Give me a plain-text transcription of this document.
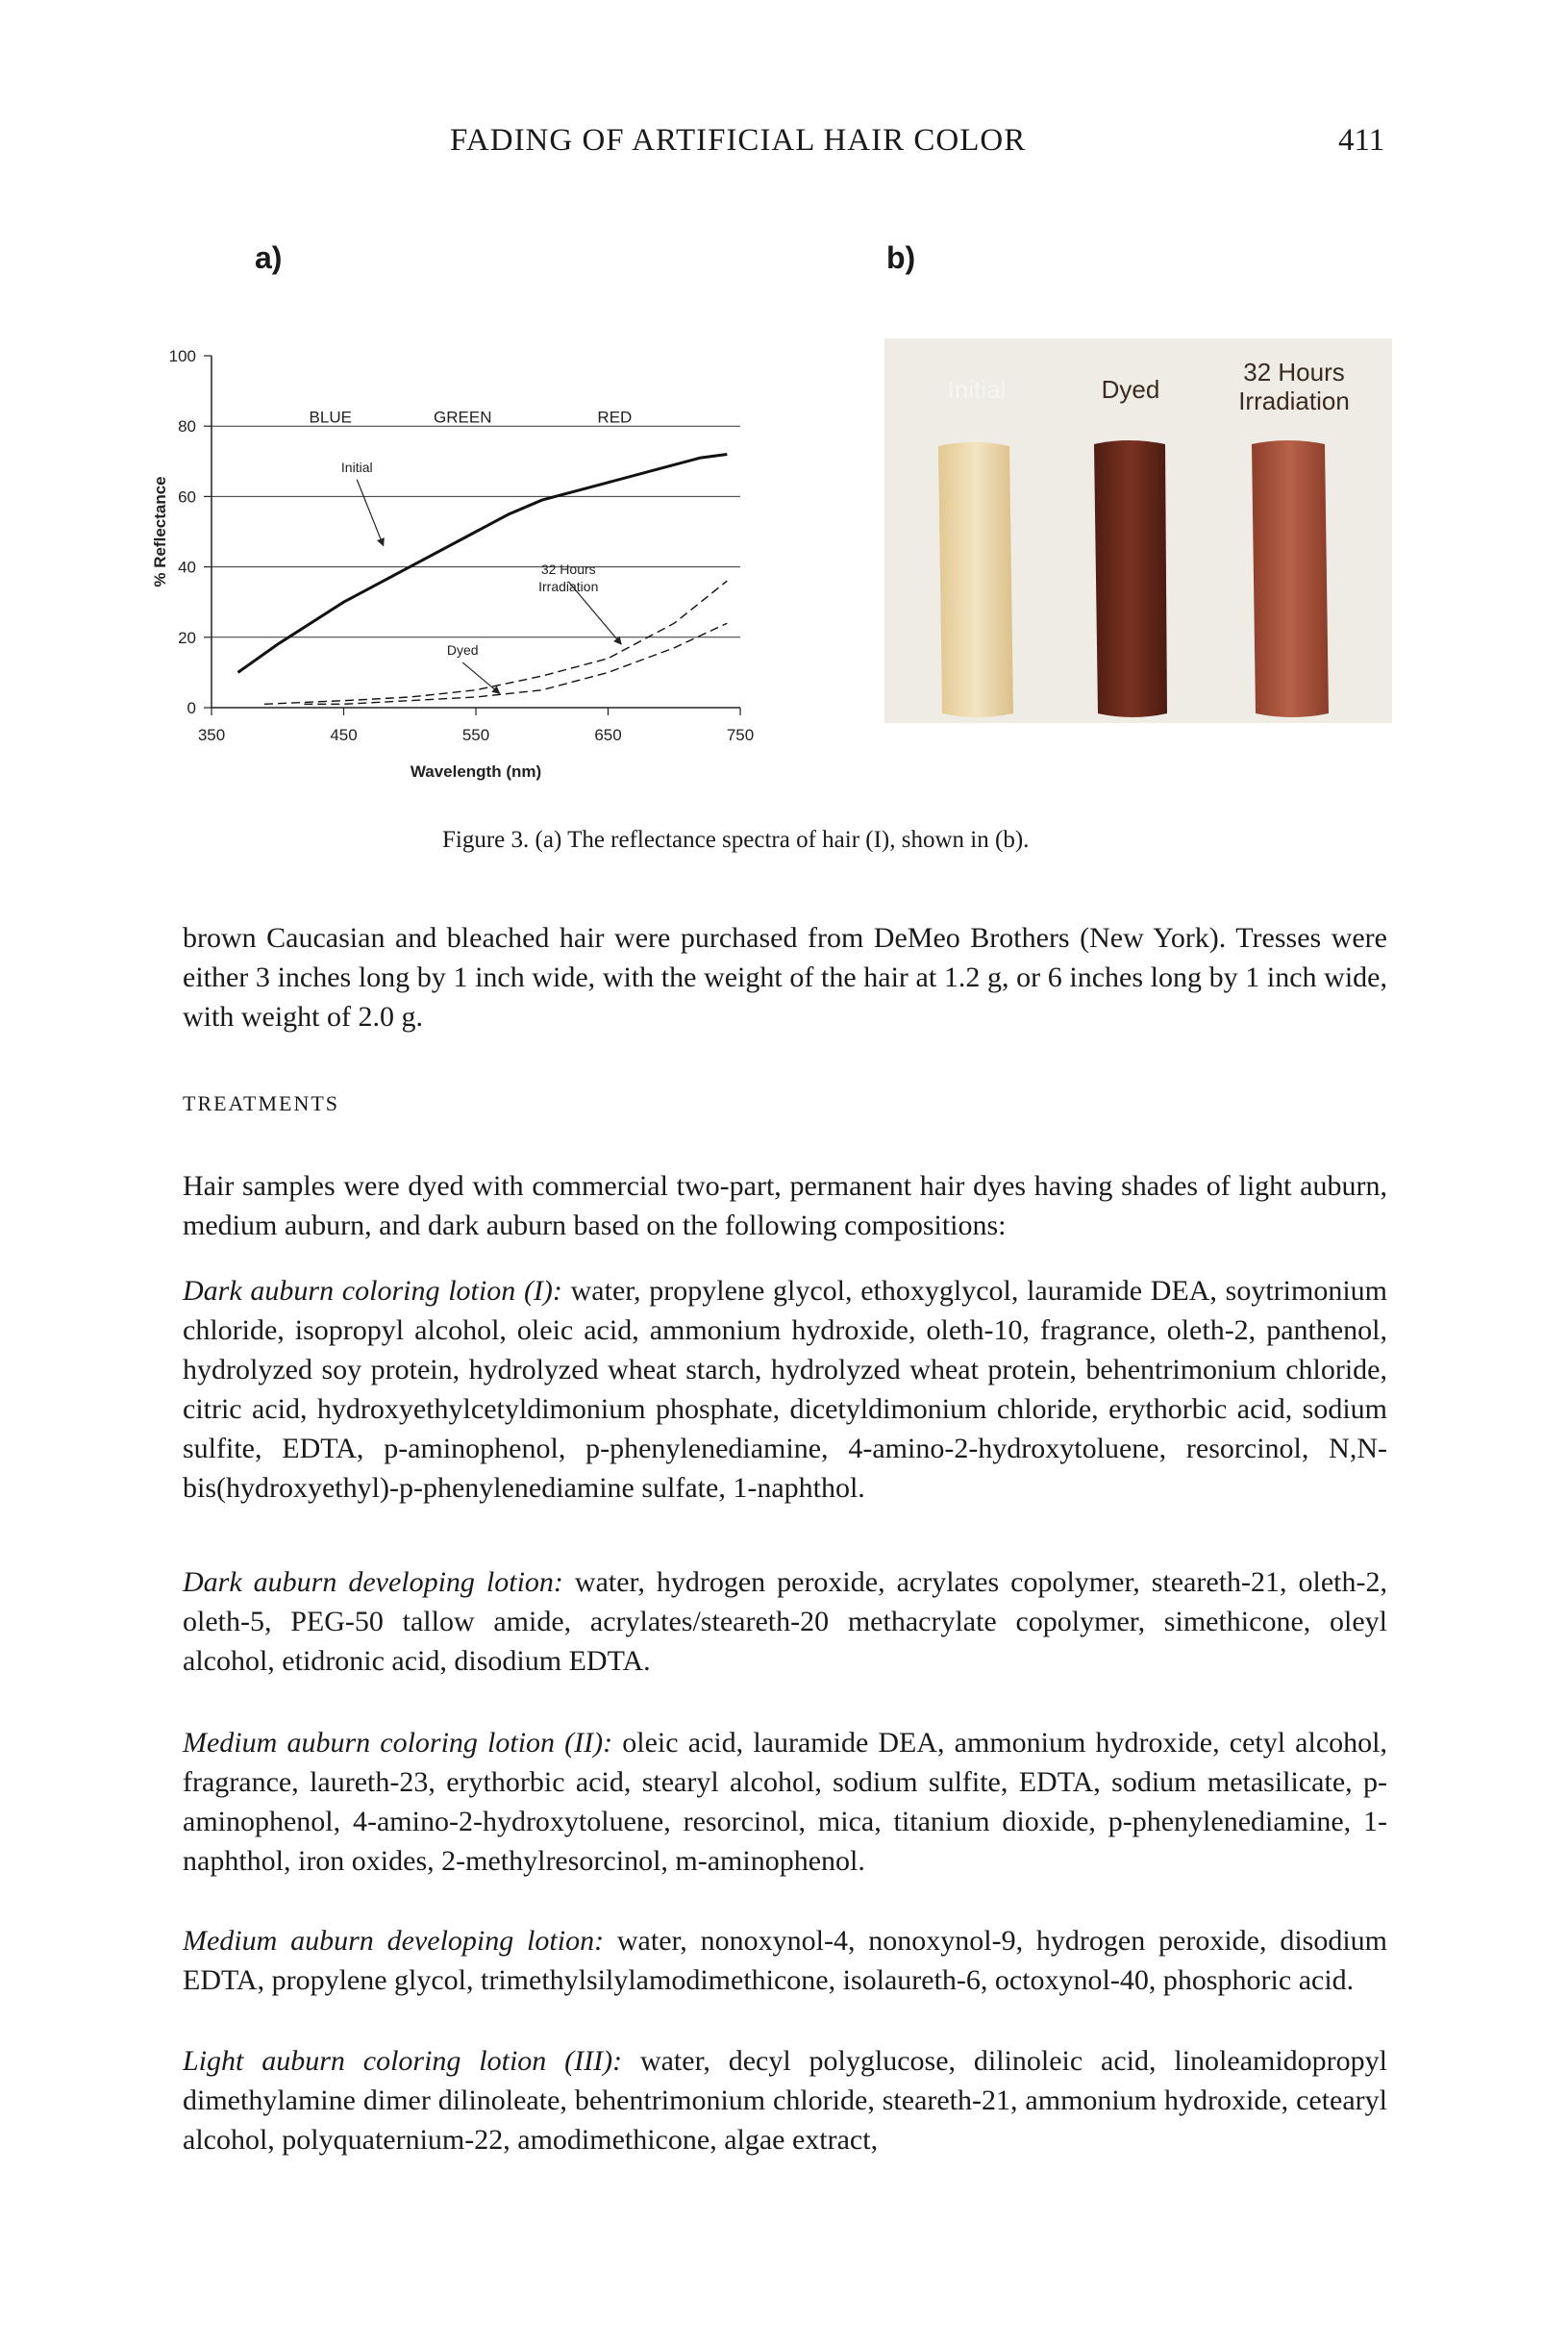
FADING OF ARTIFICIAL HAIR COLOR	411
a)	b)
0
20
40
60
80
100
350	450	550	650	750
Wavelength (nm)
% Reflectance
BLUE	GREEN	RED
Initial
32 Hours
Irradiation
Dyed
Initial	Dyed
32 Hours
Irradiation
Figure 3. (a) The reflectance spectra of hair (I), shown in (b).

brown Caucasian and bleached hair were purchased from DeMeo Brothers (New York). Tresses were either 3 inches long by 1 inch wide, with the weight of the hair at 1.2 g, or 6 inches long by 1 inch wide, with weight of 2.0 g.

TREATMENTS

Hair samples were dyed with commercial two-part, permanent hair dyes having shades of light auburn, medium auburn, and dark auburn based on the following compositions:

Dark auburn coloring lotion (I): water, propylene glycol, ethoxyglycol, lauramide DEA, soytrimonium chloride, isopropyl alcohol, oleic acid, ammonium hydroxide, oleth-10, fragrance, oleth-2, panthenol, hydrolyzed soy protein, hydrolyzed wheat starch, hydrolyzed wheat protein, behentrimonium chloride, citric acid, hydroxyethylcetyldimonium phosphate, dicetyldimonium chloride, erythorbic acid, sodium sulfite, EDTA, p-aminophenol, p-phenylenediamine, 4-amino-2-hydroxytoluene, resorcinol, N,N-bis(hydroxyethyl)-p-phenylenediamine sulfate, 1-naphthol.

Dark auburn developing lotion: water, hydrogen peroxide, acrylates copolymer, steareth-21, oleth-2, oleth-5, PEG-50 tallow amide, acrylates/steareth-20 methacrylate copolymer, simethicone, oleyl alcohol, etidronic acid, disodium EDTA.

Medium auburn coloring lotion (II): oleic acid, lauramide DEA, ammonium hydroxide, cetyl alcohol, fragrance, laureth-23, erythorbic acid, stearyl alcohol, sodium sulfite, EDTA, sodium metasilicate, p-aminophenol, 4-amino-2-hydroxytoluene, resorcinol, mica, titanium dioxide, p-phenylenediamine, 1-naphthol, iron oxides, 2-methylresorcinol, m-aminophenol.

Medium auburn developing lotion: water, nonoxynol-4, nonoxynol-9, hydrogen peroxide, disodium EDTA, propylene glycol, trimethylsilylamodimethicone, isolaureth-6, octoxynol-40, phosphoric acid.

Light auburn coloring lotion (III): water, decyl polyglucose, dilinoleic acid, linoleamidopropyl dimethylamine dimer dilinoleate, behentrimonium chloride, steareth-21, ammonium hydroxide, cetearyl alcohol, polyquaternium-22, amodimethicone, algae extract,
